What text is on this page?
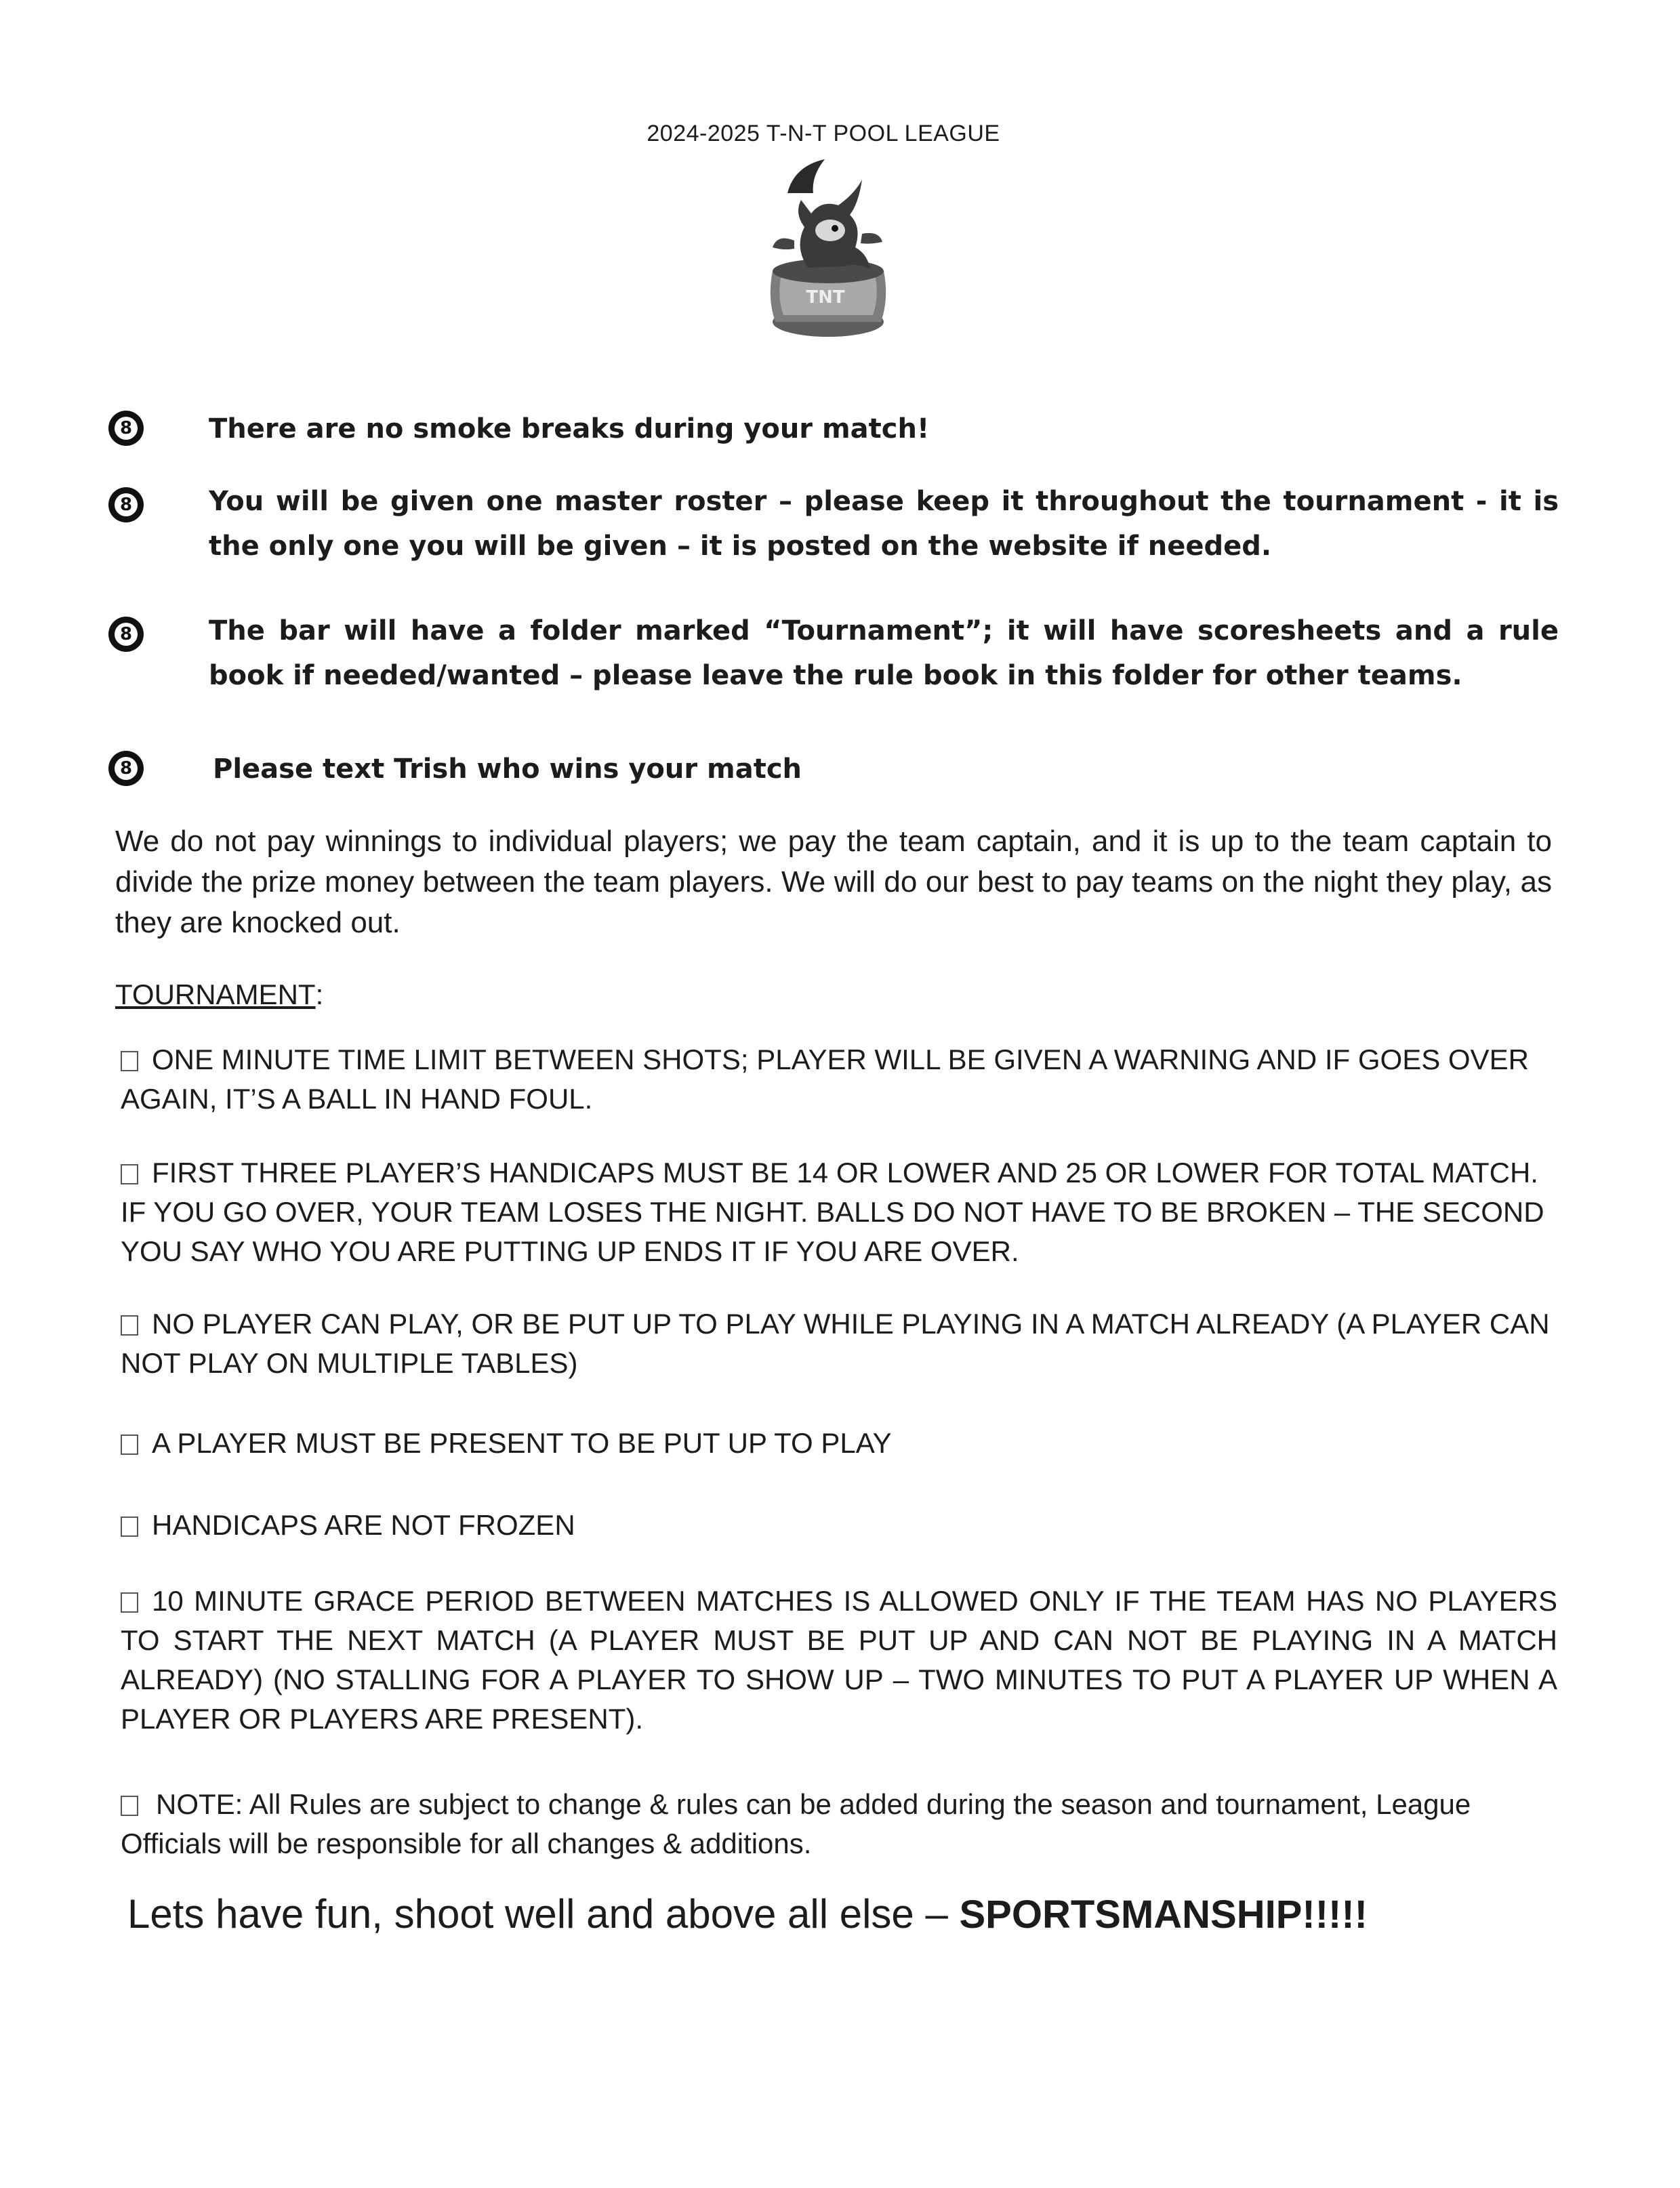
2024-2025 T-N-T POOL LEAGUE
TNT
8	There are no smoke breaks during your match!
8	You will be given one master roster – please keep it throughout the tournament - it is the only one you will be given – it is posted on the website if needed.
8	The bar will have a folder marked “Tournament”; it will have scoresheets and a rule book if needed/wanted – please leave the rule book in this folder for other teams.
8	Please text Trish who wins your match
We do not pay winnings to individual players; we pay the team captain, and it is up to the team captain to divide the prize money between the team players. We will do our best to pay teams on the night they play, as they are knocked out.
TOURNAMENT:
ONE MINUTE TIME LIMIT BETWEEN SHOTS; PLAYER WILL BE GIVEN A WARNING AND IF GOES OVER AGAIN, IT’S A BALL IN HAND FOUL.
FIRST THREE PLAYER’S HANDICAPS MUST BE 14 OR LOWER AND 25 OR LOWER FOR TOTAL MATCH. IF YOU GO OVER, YOUR TEAM LOSES THE NIGHT. BALLS DO NOT HAVE TO BE BROKEN – THE SECOND YOU SAY WHO YOU ARE PUTTING UP ENDS IT IF YOU ARE OVER.
NO PLAYER CAN PLAY, OR BE PUT UP TO PLAY WHILE PLAYING IN A MATCH ALREADY (A PLAYER CAN NOT PLAY ON MULTIPLE TABLES)
A PLAYER MUST BE PRESENT TO BE PUT UP TO PLAY
HANDICAPS ARE NOT FROZEN
10 MINUTE GRACE PERIOD BETWEEN MATCHES IS ALLOWED ONLY IF THE TEAM HAS NO PLAYERS TO START THE NEXT MATCH (A PLAYER MUST BE PUT UP AND CAN NOT BE PLAYING IN A MATCH ALREADY) (NO STALLING FOR A PLAYER TO SHOW UP – TWO MINUTES TO PUT A PLAYER UP WHEN A PLAYER OR PLAYERS ARE PRESENT).
NOTE: All Rules are subject to change & rules can be added during the season and tournament, League Officials will be responsible for all changes & additions.
Lets have fun, shoot well and above all else – SPORTSMANSHIP!!!!!
